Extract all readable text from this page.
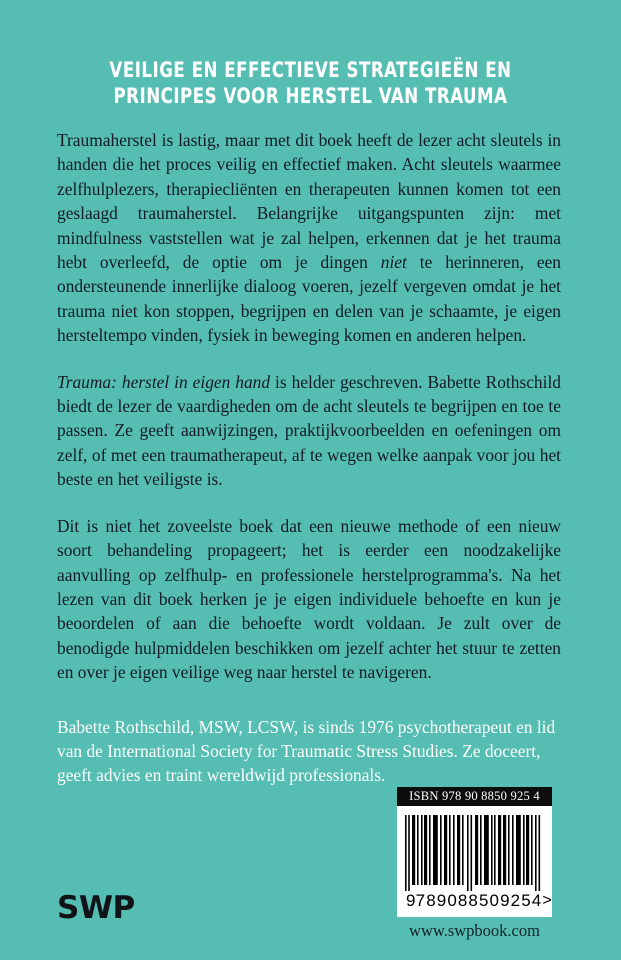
VEILIGE EN EFFECTIEVE STRATEGIEËN EN
PRINCIPES VOOR HERSTEL VAN TRAUMA

Traumaherstel is lastig, maar met dit boek heeft de lezer acht sleutels in handen die het proces veilig en effectief maken. Acht sleutels waarmee zelfhulplezers, therapiecliënten en therapeuten kunnen komen tot een geslaagd traumaherstel. Belangrijke uitgangspunten zijn: met mindfulness vaststellen wat je zal helpen, erkennen dat je het trauma hebt overleefd, de optie om je dingen niet te herinneren, een ondersteunende innerlijke dialoog voeren, jezelf vergeven omdat je het trauma niet kon stoppen, begrijpen en delen van je schaamte, je eigen hersteltempo vinden, fysiek in beweging komen en anderen helpen.

Trauma: herstel in eigen hand is helder geschreven. Babette Rothschild biedt de lezer de vaardigheden om de acht sleutels te begrijpen en toe te passen. Ze geeft aanwijzingen, praktijkvoorbeelden en oefeningen om zelf, of met een traumatherapeut, af te wegen welke aanpak voor jou het beste en het veiligste is.

Dit is niet het zoveelste boek dat een nieuwe methode of een nieuw soort behandeling propageert; het is eerder een noodzakelijke aanvulling op zelfhulp- en professionele herstelprogramma's. Na het lezen van dit boek herken je je eigen individuele behoefte en kun je beoordelen of aan die behoefte wordt voldaan. Je zult over de benodigde hulpmiddelen beschikken om jezelf achter het stuur te zetten en over je eigen veilige weg naar herstel te navigeren.

Babette Rothschild, MSW, LCSW, is sinds 1976 psychotherapeut en lid van de International Society for Traumatic Stress Studies. Ze doceert, geeft advies en traint wereldwijd professionals.

SWP
ISBN 978 90 8850 925 4
9 789088 509254 >
www.swpbook.com
